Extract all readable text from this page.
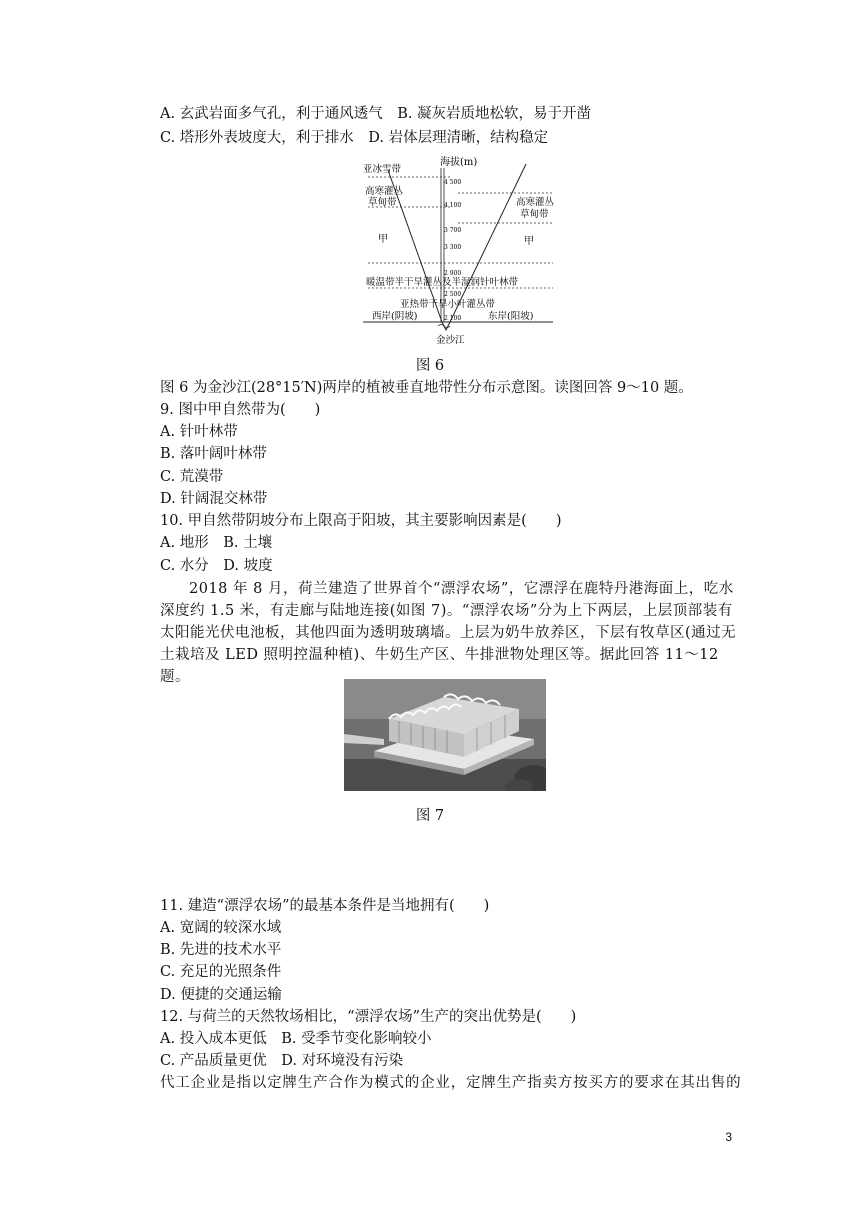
A. 玄武岩面多气孔，利于通风透气　B. 凝灰岩质地松软，易于开凿
C. 塔形外表坡度大，利于排水　D. 岩体层理清晰，结构稳定
海拔(m)
4 500
4 100
3 700
3 300
2 900
2 500
2 100
亚冰雪带
高寒灌丛
草甸带
甲
高寒灌丛
草甸带
甲
暖温带半干旱灌丛及半湿润针叶林带
亚热带干旱小叶灌丛带
西岸(阴坡)	东岸(阳坡)
金沙江
图 6
图 6 为金沙江(28°15′N)两岸的植被垂直地带性分布示意图。读图回答 9～10 题。
9. 图中甲自然带为(　　)
A. 针叶林带
B. 落叶阔叶林带
C. 荒漠带
D. 针阔混交林带
10. 甲自然带阴坡分布上限高于阳坡，其主要影响因素是(　　)
A. 地形　B. 土壤
C. 水分　D. 坡度
2018 年 8 月，荷兰建造了世界首个“漂浮农场”，它漂浮在鹿特丹港海面上，吃水深度约 1.5 米，有走廊与陆地连接(如图 7)。“漂浮农场”分为上下两层，上层顶部装有太阳能光伏电池板，其他四面为透明玻璃墙。上层为奶牛放养区，下层有牧草区(通过无土栽培及 LED 照明控温种植)、牛奶生产区、牛排泄物处理区等。据此回答 11～12 题。
图 7
11. 建造“漂浮农场”的最基本条件是当地拥有(　　)
A. 宽阔的较深水域
B. 先进的技术水平
C. 充足的光照条件
D. 便捷的交通运输
12. 与荷兰的天然牧场相比，“漂浮农场”生产的突出优势是(　　)
A. 投入成本更低　B. 受季节变化影响较小
C. 产品质量更优　D. 对环境没有污染
代工企业是指以定牌生产合作为模式的企业，定牌生产指卖方按买方的要求在其出售的
3
